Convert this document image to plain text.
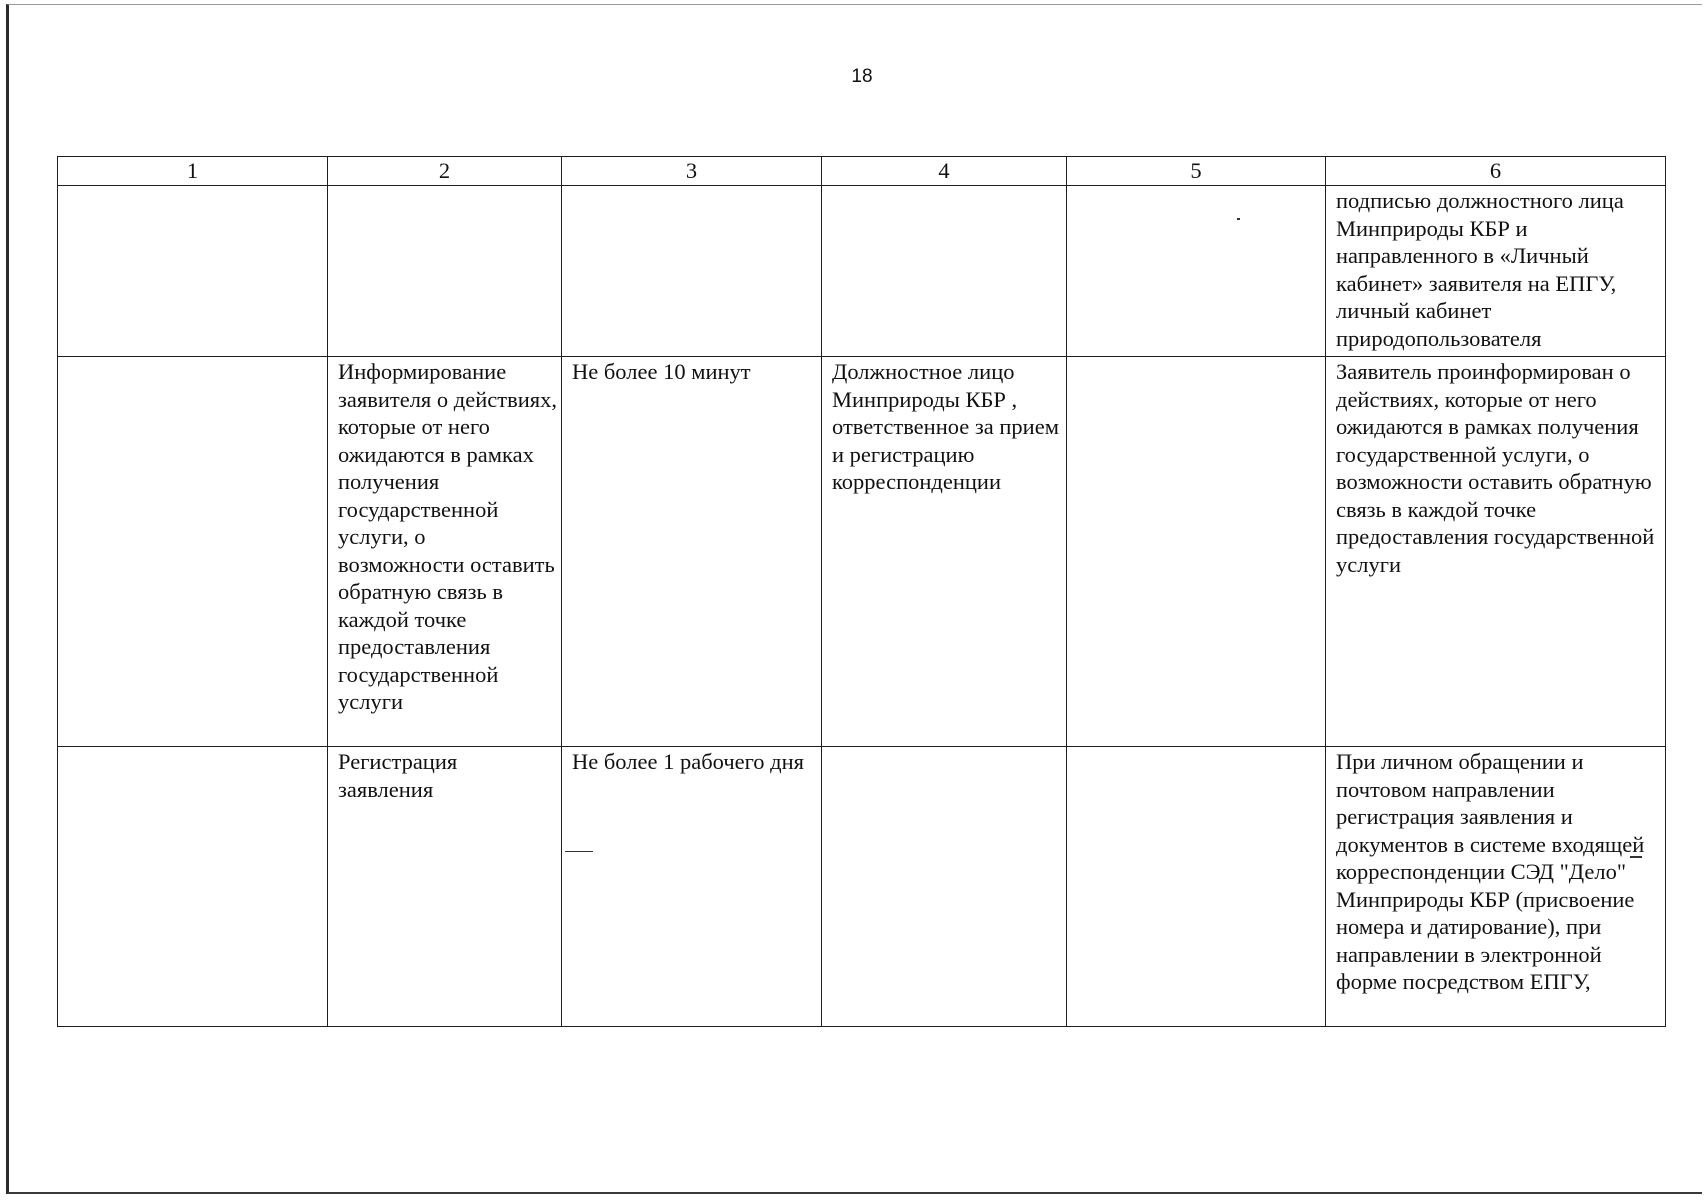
18
1	2	3	4	5	6
					подписью должностного лица Минприроды КБР и направленного в «Личный кабинет» заявителя на ЕПГУ, личный кабинет природопользователя
	Информирование заявителя о действиях, которые от него ожидаются в рамках получения государственной услуги, о возможности оставить обратную связь в каждой точке предоставления государственной услуги	Не более 10 минут	Должностное лицо Минприроды КБР , ответственное за прием и регистрацию корреспонденции		Заявитель проинформирован о действиях, которые от него ожидаются в рамках получения государственной услуги, о возможности оставить обратную связь в каждой точке предоставления государственной услуги
	Регистрация заявления	Не более 1 рабочего дня			При личном обращении и почтовом направлении регистрация заявления и документов в системе входящей корреспонденции СЭД "Дело" Минприроды КБР (присвоение номера и датирование), при направлении в электронной форме посредством ЕПГУ,
